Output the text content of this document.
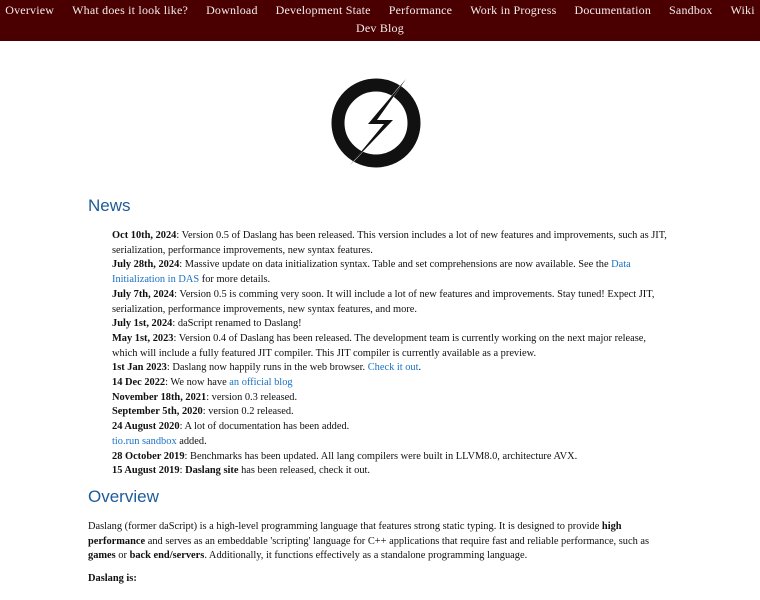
Overview	What does it look like?	Download	Development State	Performance	Work in Progress	Documentation	Sandbox	Wiki
Dev Blog
News
Oct 10th, 2024: Version 0.5 of Daslang has been released. This version includes a lot of new features and improvements, such as JIT, serialization, performance improvements, new syntax features.
July 28th, 2024: Massive update on data initialization syntax. Table and set comprehensions are now available. See the Data Initialization in DAS for more details.
July 7th, 2024: Version 0.5 is comming very soon. It will include a lot of new features and improvements. Stay tuned! Expect JIT, serialization, performance improvements, new syntax features, and more.
July 1st, 2024: daScript renamed to Daslang!
May 1st, 2023: Version 0.4 of Daslang has been released. The development team is currently working on the next major release, which will include a fully featured JIT compiler. This JIT compiler is currently available as a preview.
1st Jan 2023: Daslang now happily runs in the web browser. Check it out.
14 Dec 2022: We now have an official blog
November 18th, 2021: version 0.3 released.
September 5th, 2020: version 0.2 released.
24 August 2020: A lot of documentation has been added.
tio.run sandbox added.
28 October 2019: Benchmarks has been updated. All lang compilers were built in LLVM8.0, architecture AVX.
15 August 2019: Daslang site has been released, check it out.
Overview

Daslang (former daScript) is a high-level programming language that features strong static typing. It is designed to provide high performance and serves as an embeddable 'scripting' language for C++ applications that require fast and reliable performance, such as games or back end/servers. Additionally, it functions effectively as a standalone programming language.

Daslang is:
